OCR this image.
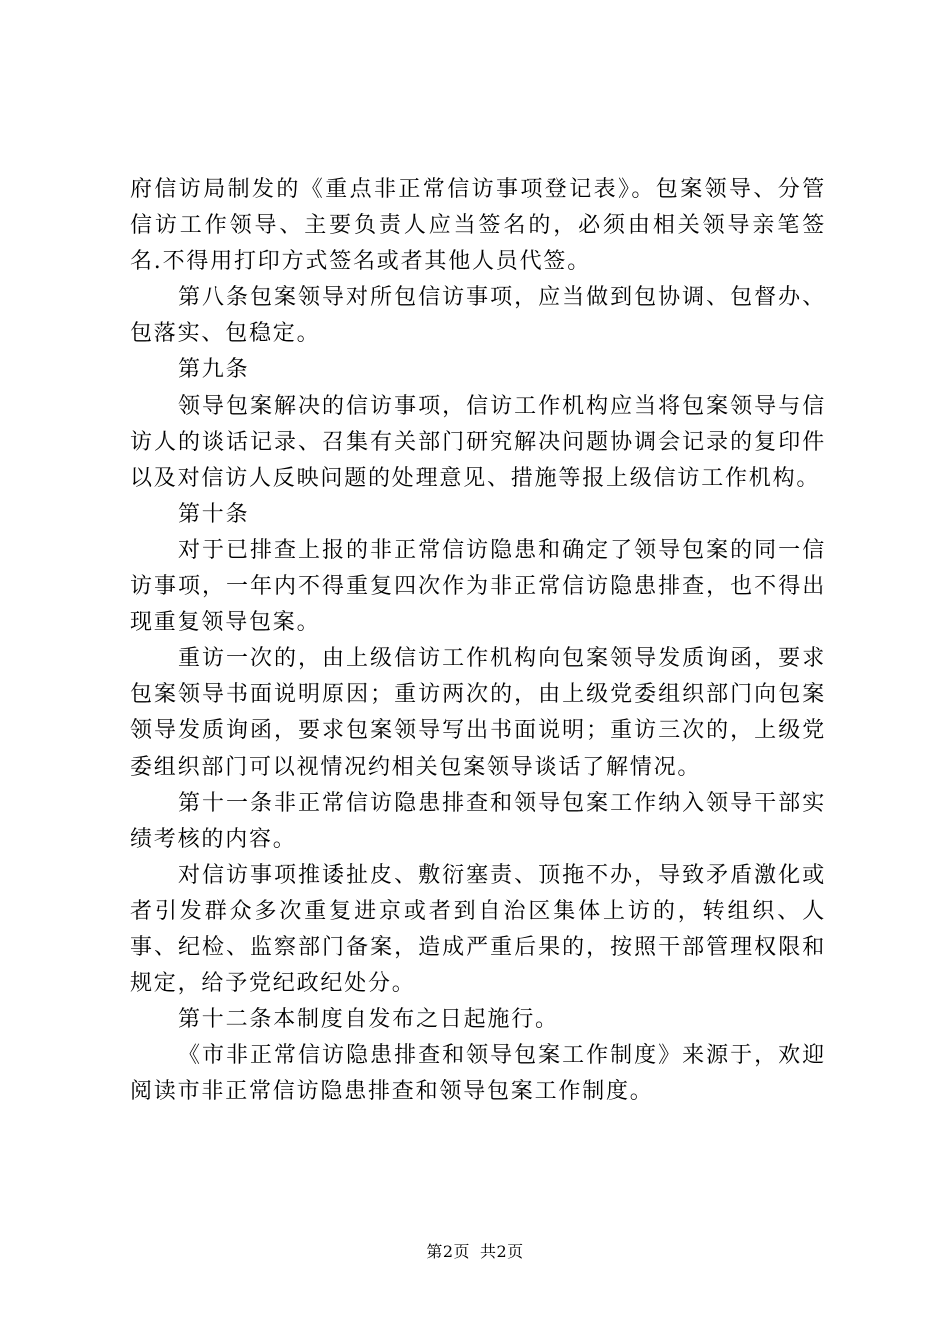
府信访局制发的《重点非正常信访事项登记表》。包案领导、分管信访工作领导、主要负责人应当签名的，必须由相关领导亲笔签名.不得用打印方式签名或者其他人员代签。

第八条包案领导对所包信访事项，应当做到包协调、包督办、包落实、包稳定。

第九条

领导包案解决的信访事项，信访工作机构应当将包案领导与信访人的谈话记录、召集有关部门研究解决问题协调会记录的复印件以及对信访人反映问题的处理意见、措施等报上级信访工作机构。

第十条

对于已排查上报的非正常信访隐患和确定了领导包案的同一信访事项，一年内不得重复四次作为非正常信访隐患排查，也不得出现重复领导包案。

重访一次的，由上级信访工作机构向包案领导发质询函，要求包案领导书面说明原因；重访两次的，由上级党委组织部门向包案领导发质询函，要求包案领导写出书面说明；重访三次的，上级党委组织部门可以视情况约相关包案领导谈话了解情况。

第十一条非正常信访隐患排查和领导包案工作纳入领导干部实绩考核的内容。

对信访事项推诿扯皮、敷衍塞责、顶拖不办，导致矛盾激化或者引发群众多次重复进京或者到自治区集体上访的，转组织、人事、纪检、监察部门备案，造成严重后果的，按照干部管理权限和规定，给予党纪政纪处分。

第十二条本制度自发布之日起施行。

《市非正常信访隐患排查和领导包案工作制度》来源于，欢迎阅读市非正常信访隐患排查和领导包案工作制度。

第2页 共2页
